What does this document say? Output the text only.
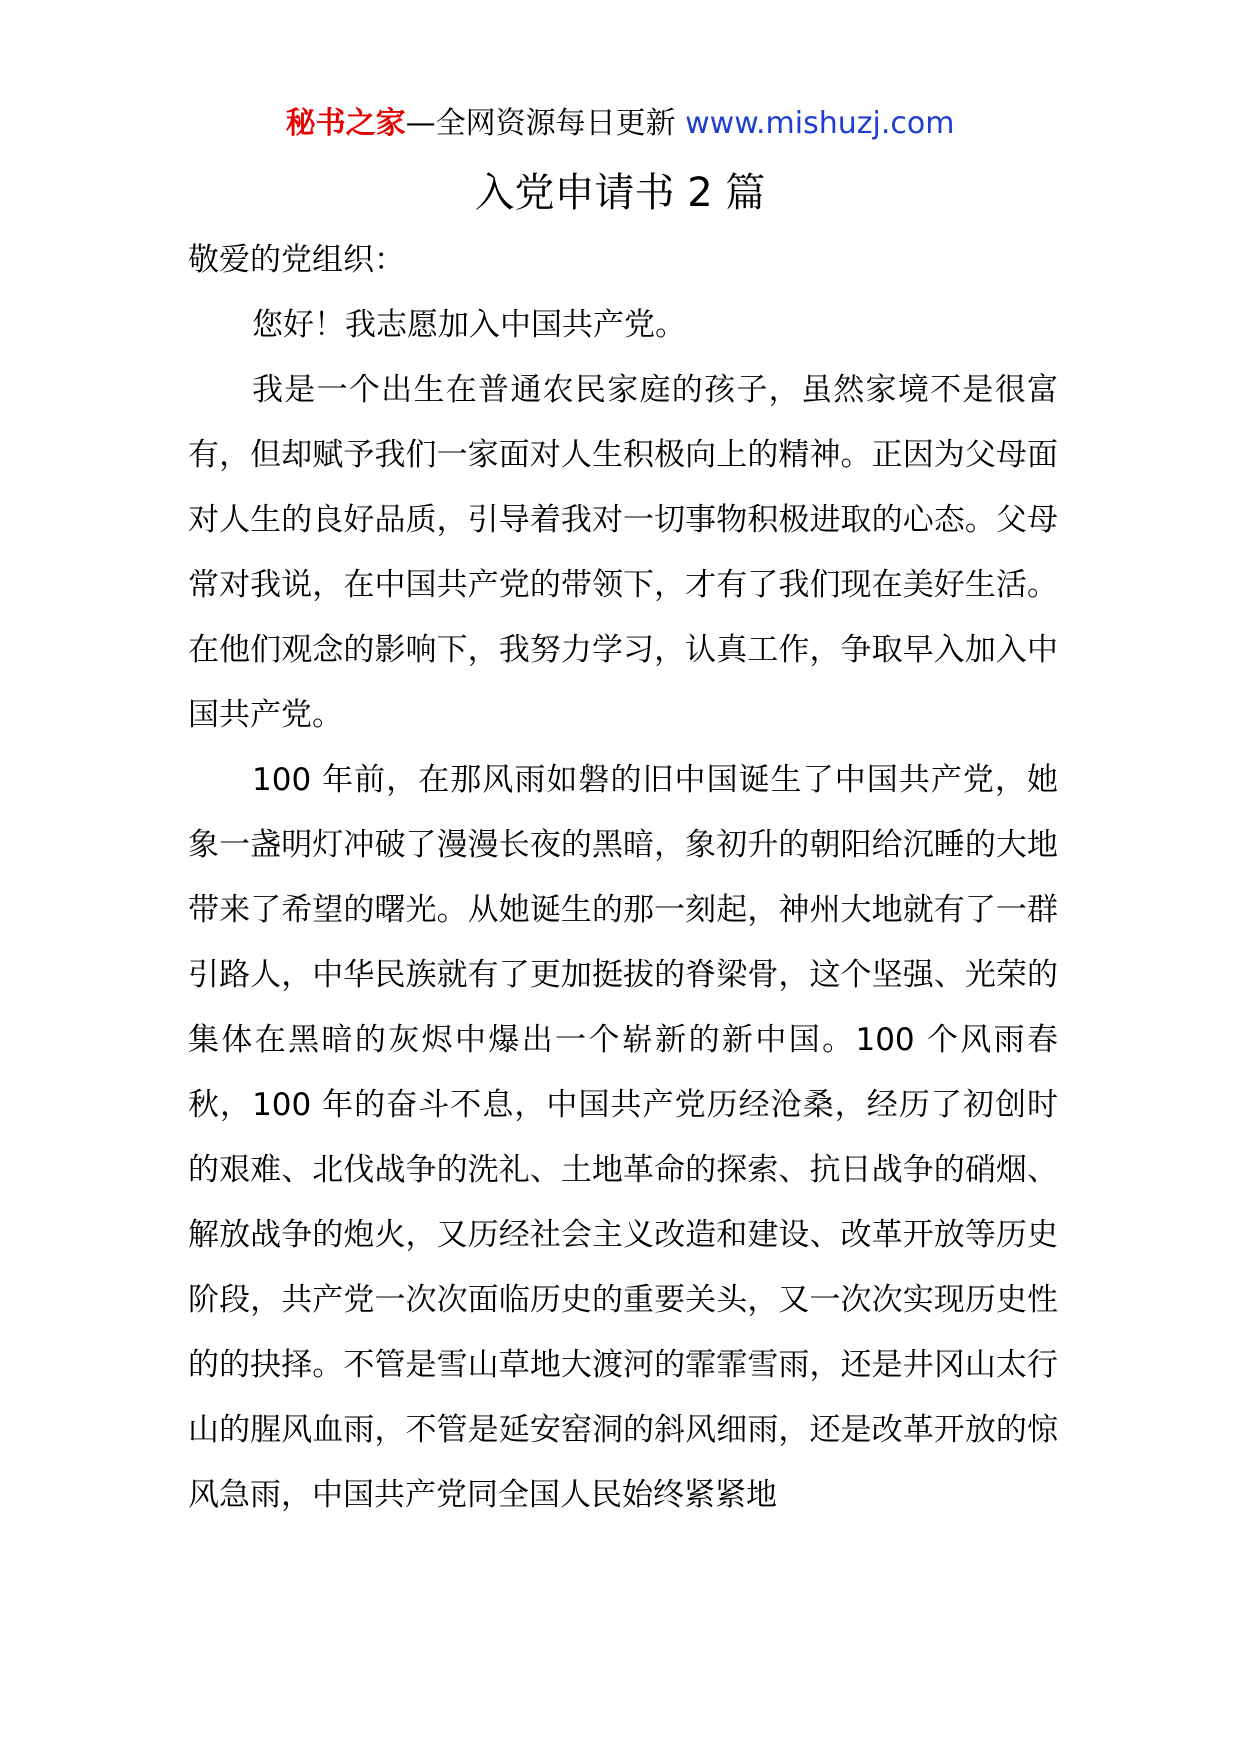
秘书之家—全网资源每日更新 www.mishuzj.com
入党申请书 2 篇

敬爱的党组织：

您好！我志愿加入中国共产党。

我是一个出生在普通农民家庭的孩子，虽然家境不是很富有，但却赋予我们一家面对人生积极向上的精神。正因为父母面对人生的良好品质，引导着我对一切事物积极进取的心态。父母常对我说，在中国共产党的带领下，才有了我们现在美好生活。在他们观念的影响下，我努力学习，认真工作，争取早入加入中国共产党。

100 年前，在那风雨如磐的旧中国诞生了中国共产党，她象一盏明灯冲破了漫漫长夜的黑暗，象初升的朝阳给沉睡的大地带来了希望的曙光。从她诞生的那一刻起，神州大地就有了一群引路人，中华民族就有了更加挺拔的脊梁骨，这个坚强、光荣的集体在黑暗的灰烬中爆出一个崭新的新中国。100 个风雨春秋，100 年的奋斗不息，中国共产党历经沧桑，经历了初创时的艰难、北伐战争的洗礼、土地革命的探索、抗日战争的硝烟、解放战争的炮火，又历经社会主义改造和建设、改革开放等历史阶段，共产党一次次面临历史的重要关头，又一次次实现历史性的的抉择。不管是雪山草地大渡河的霏霏雪雨，还是井冈山太行山的腥风血雨，不管是延安窑洞的斜风细雨，还是改革开放的惊风急雨，中国共产党同全国人民始终紧紧地
